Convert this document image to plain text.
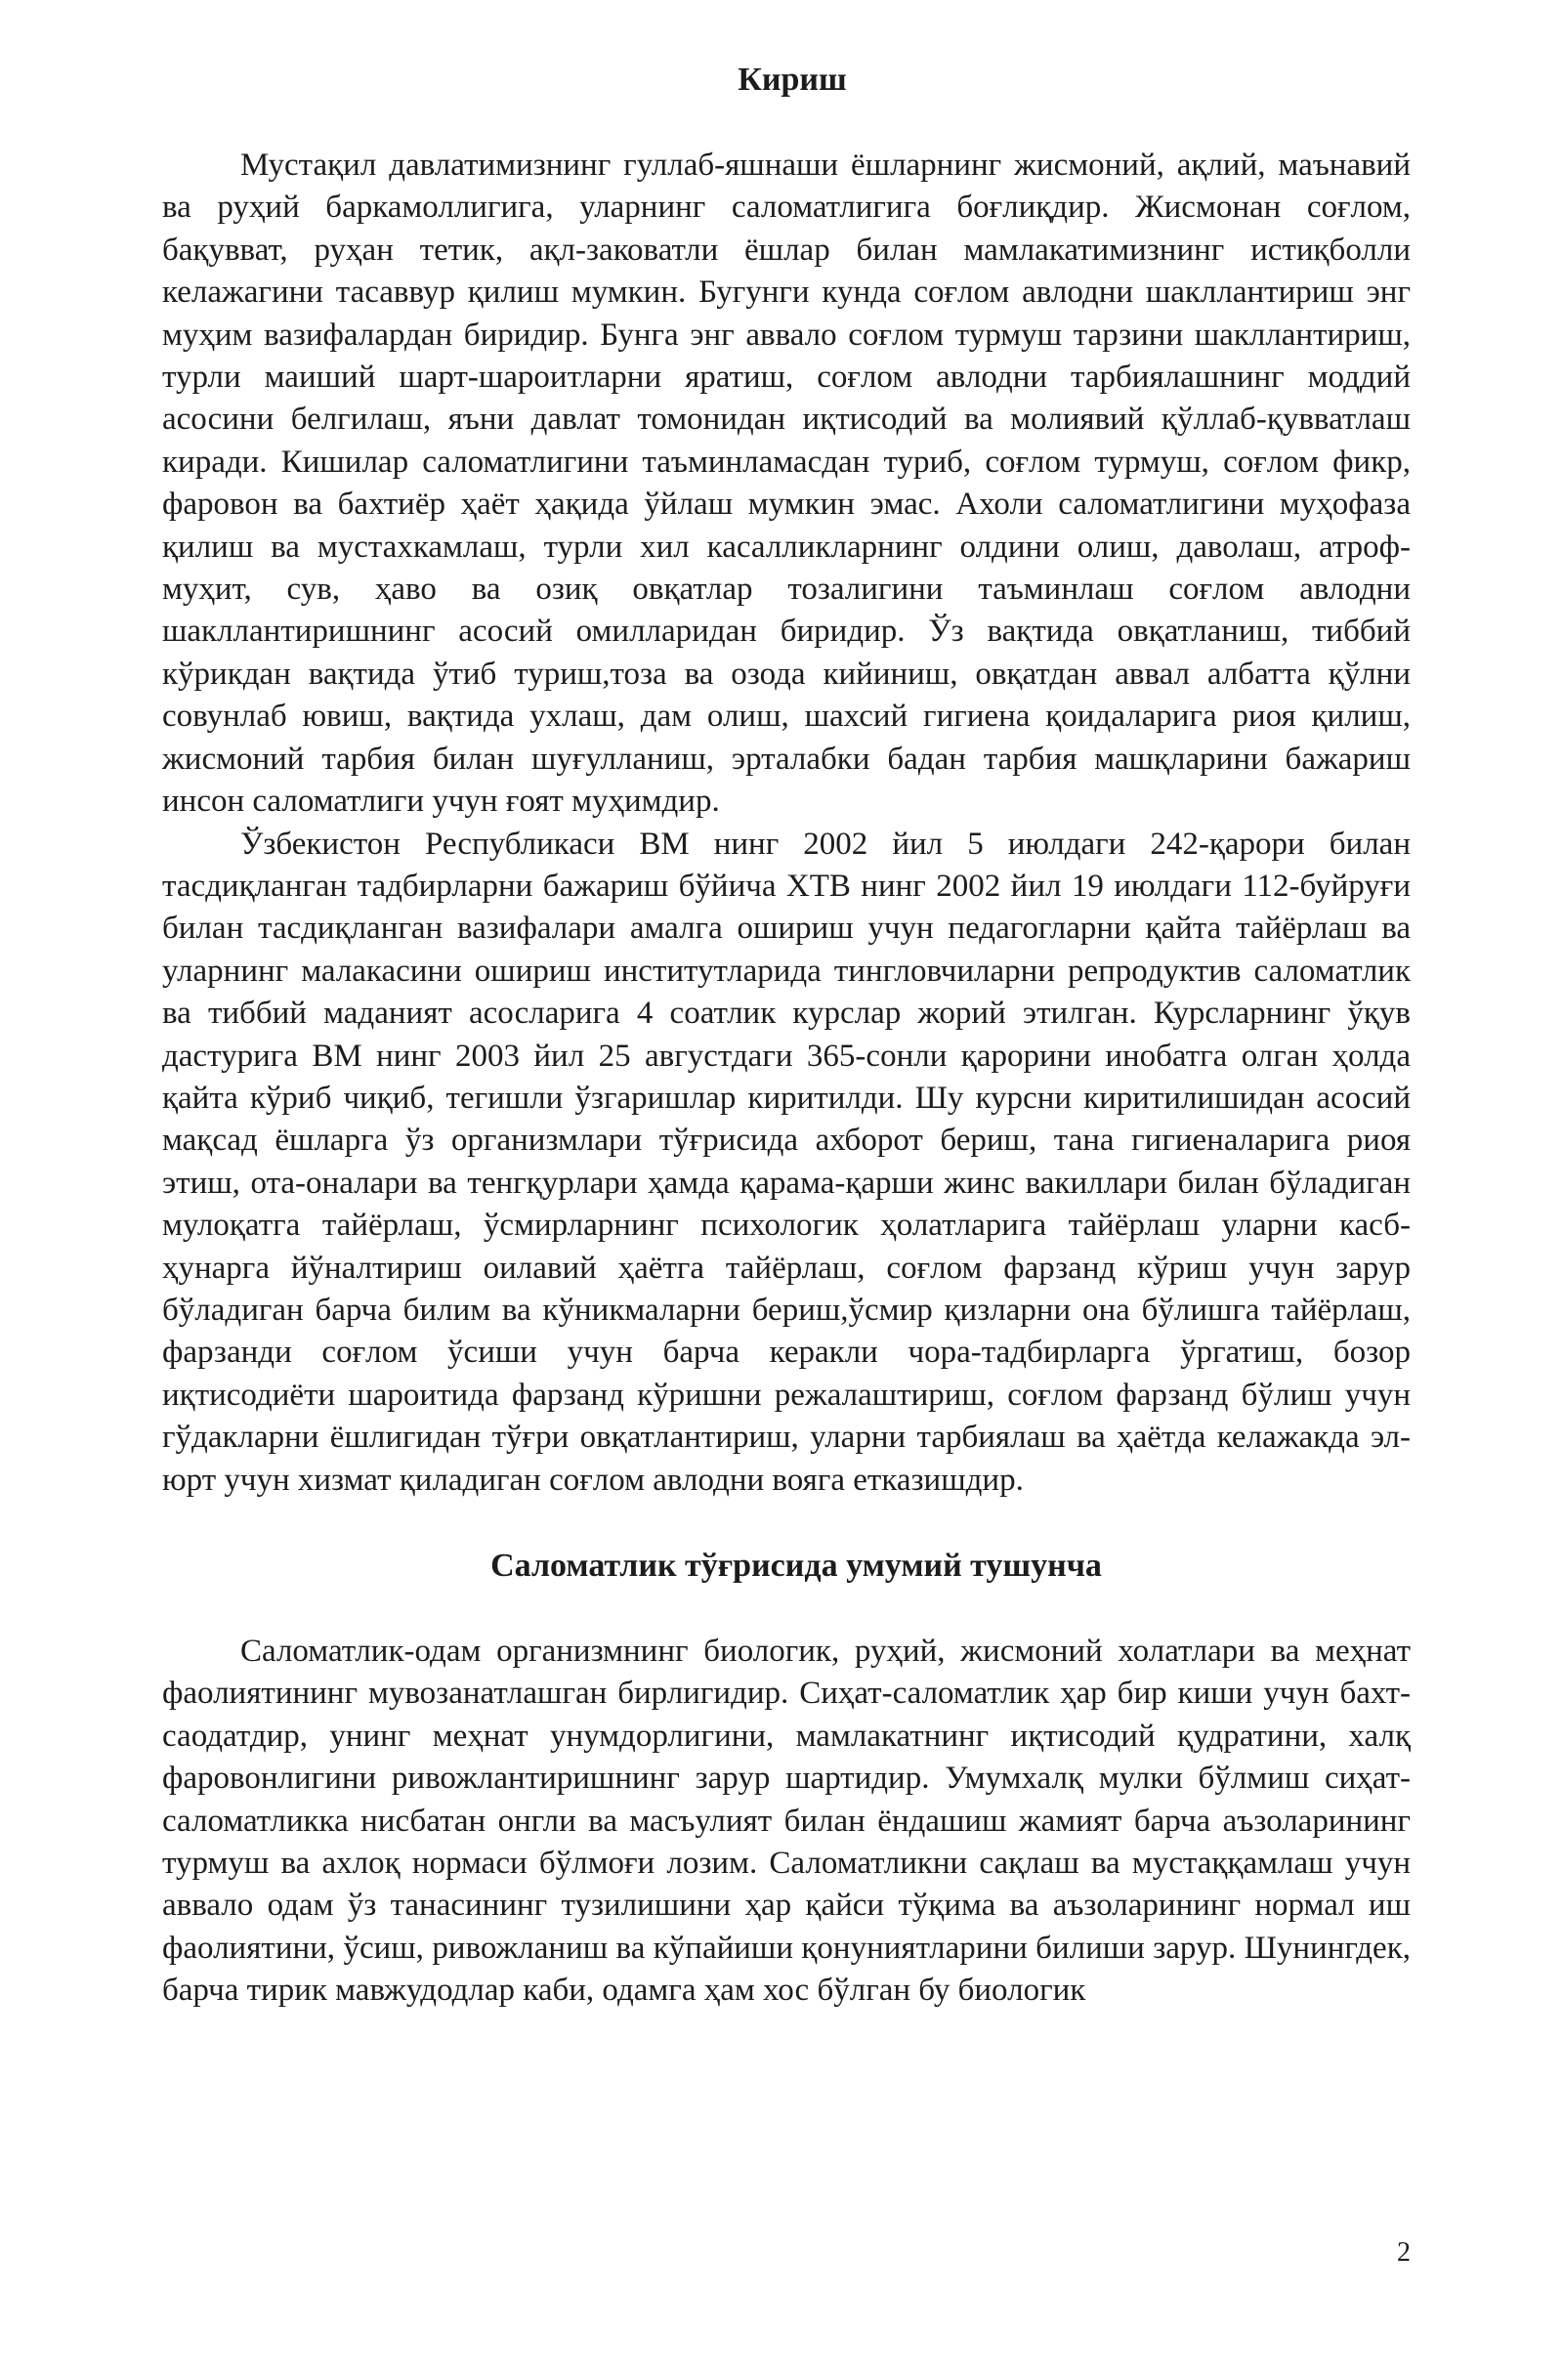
Кириш

Мустақил давлатимизнинг гуллаб-яшнаши ёшларнинг жисмоний, ақлий, маънавий ва руҳий баркамоллигига, уларнинг саломатлигига боғлиқдир. Жисмонан соғлом, бақувват, руҳан тетик, ақл-заковатли ёшлар билан мамлакатимизнинг истиқболли келажагини тасаввур қилиш мумкин. Бугунги кунда соғлом авлодни шакллантириш энг муҳим вазифалардан биридир. Бунга энг аввало соғлом турмуш тарзини шакллантириш, турли маиший шарт-шароитларни яратиш, соғлом авлодни тарбиялашнинг моддий асосини белгилаш, яъни давлат томонидан иқтисодий ва молиявий қўллаб-қувватлаш киради. Кишилар саломатлигини таъминламасдан туриб, соғлом турмуш, соғлом фикр, фаровон ва бахтиёр ҳаёт ҳақида ўйлаш мумкин эмас. Ахоли саломатлигини муҳофаза қилиш ва мустахкамлаш, турли хил касалликларнинг олдини олиш, даволаш, атроф-муҳит, сув, ҳаво ва озиқ овқатлар тозалигини таъминлаш соғлом авлодни шакллантиришнинг асосий омилларидан биридир. Ўз вақтида овқатланиш, тиббий кўрикдан вақтида ўтиб туриш,тоза ва озода кийиниш, овқатдан аввал албатта қўлни совунлаб ювиш, вақтида ухлаш, дам олиш, шахсий гигиена қоидаларига риоя қилиш, жисмоний тарбия билан шуғулланиш, эрталабки бадан тарбия машқларини бажариш инсон саломатлиги учун ғоят муҳимдир.

Ўзбекистон Республикаси ВМ нинг 2002 йил 5 июлдаги 242-қарори билан тасдиқланган тадбирларни бажариш бўйича ХТВ нинг 2002 йил 19 июлдаги 112-буйруғи билан тасдиқланган вазифалари амалга ошириш учун педагогларни қайта тайёрлаш ва уларнинг малакасини ошириш институтларида тингловчиларни репродуктив саломатлик ва тиббий маданият асосларига 4 соатлик курслар жорий этилган. Курсларнинг ўқув дастурига ВМ нинг 2003 йил 25 августдаги 365-сонли қарорини инобатга олган ҳолда қайта кўриб чиқиб, тегишли ўзгаришлар киритилди. Шу курсни киритилишидан асосий мақсад ёшларга ўз организмлари тўғрисида ахборот бериш, тана гигиеналарига риоя этиш, ота-оналари ва тенгқурлари ҳамда қарама-қарши жинс вакиллари билан бўладиган мулоқатга тайёрлаш, ўсмирларнинг психологик ҳолатларига тайёрлаш уларни касб-ҳунарга йўналтириш оилавий ҳаётга тайёрлаш, соғлом фарзанд кўриш учун зарур бўладиган барча билим ва кўникмаларни бериш,ўсмир қизларни она бўлишга тайёрлаш, фарзанди соғлом ўсиши учун барча керакли чора-тадбирларга ўргатиш, бозор иқтисодиёти шароитида фарзанд кўришни режалаштириш, соғлом фарзанд бўлиш учун гўдакларни ёшлигидан тўғри овқатлантириш, уларни тарбиялаш ва ҳаётда келажакда эл-юрт учун хизмат қиладиган соғлом авлодни вояга етказишдир.

Саломатлик тўғрисида умумий тушунча

Саломатлик-одам организмнинг биологик, руҳий, жисмоний холатлари ва меҳнат фаолиятининг мувозанатлашган бирлигидир. Сиҳат-саломатлик ҳар бир киши учун бахт-саодатдир, унинг меҳнат унумдорлигини, мамлакатнинг иқтисодий қудратини, халқ фаровонлигини ривожлантиришнинг зарур шартидир. Умумхалқ мулки бўлмиш сиҳат-саломатликка нисбатан онгли ва масъулият билан ёндашиш жамият барча аъзоларининг турмуш ва ахлоқ нормаси бўлмоғи лозим. Саломатликни сақлаш ва мустаққамлаш учун аввало одам ўз танасининг тузилишини ҳар қайси тўқима ва аъзоларининг нормал иш фаолиятини, ўсиш, ривожланиш ва кўпайиши қонуниятларини билиши зарур. Шунингдек, барча тирик мавжудодлар каби, одамга ҳам хос бўлган бу биологик

2
